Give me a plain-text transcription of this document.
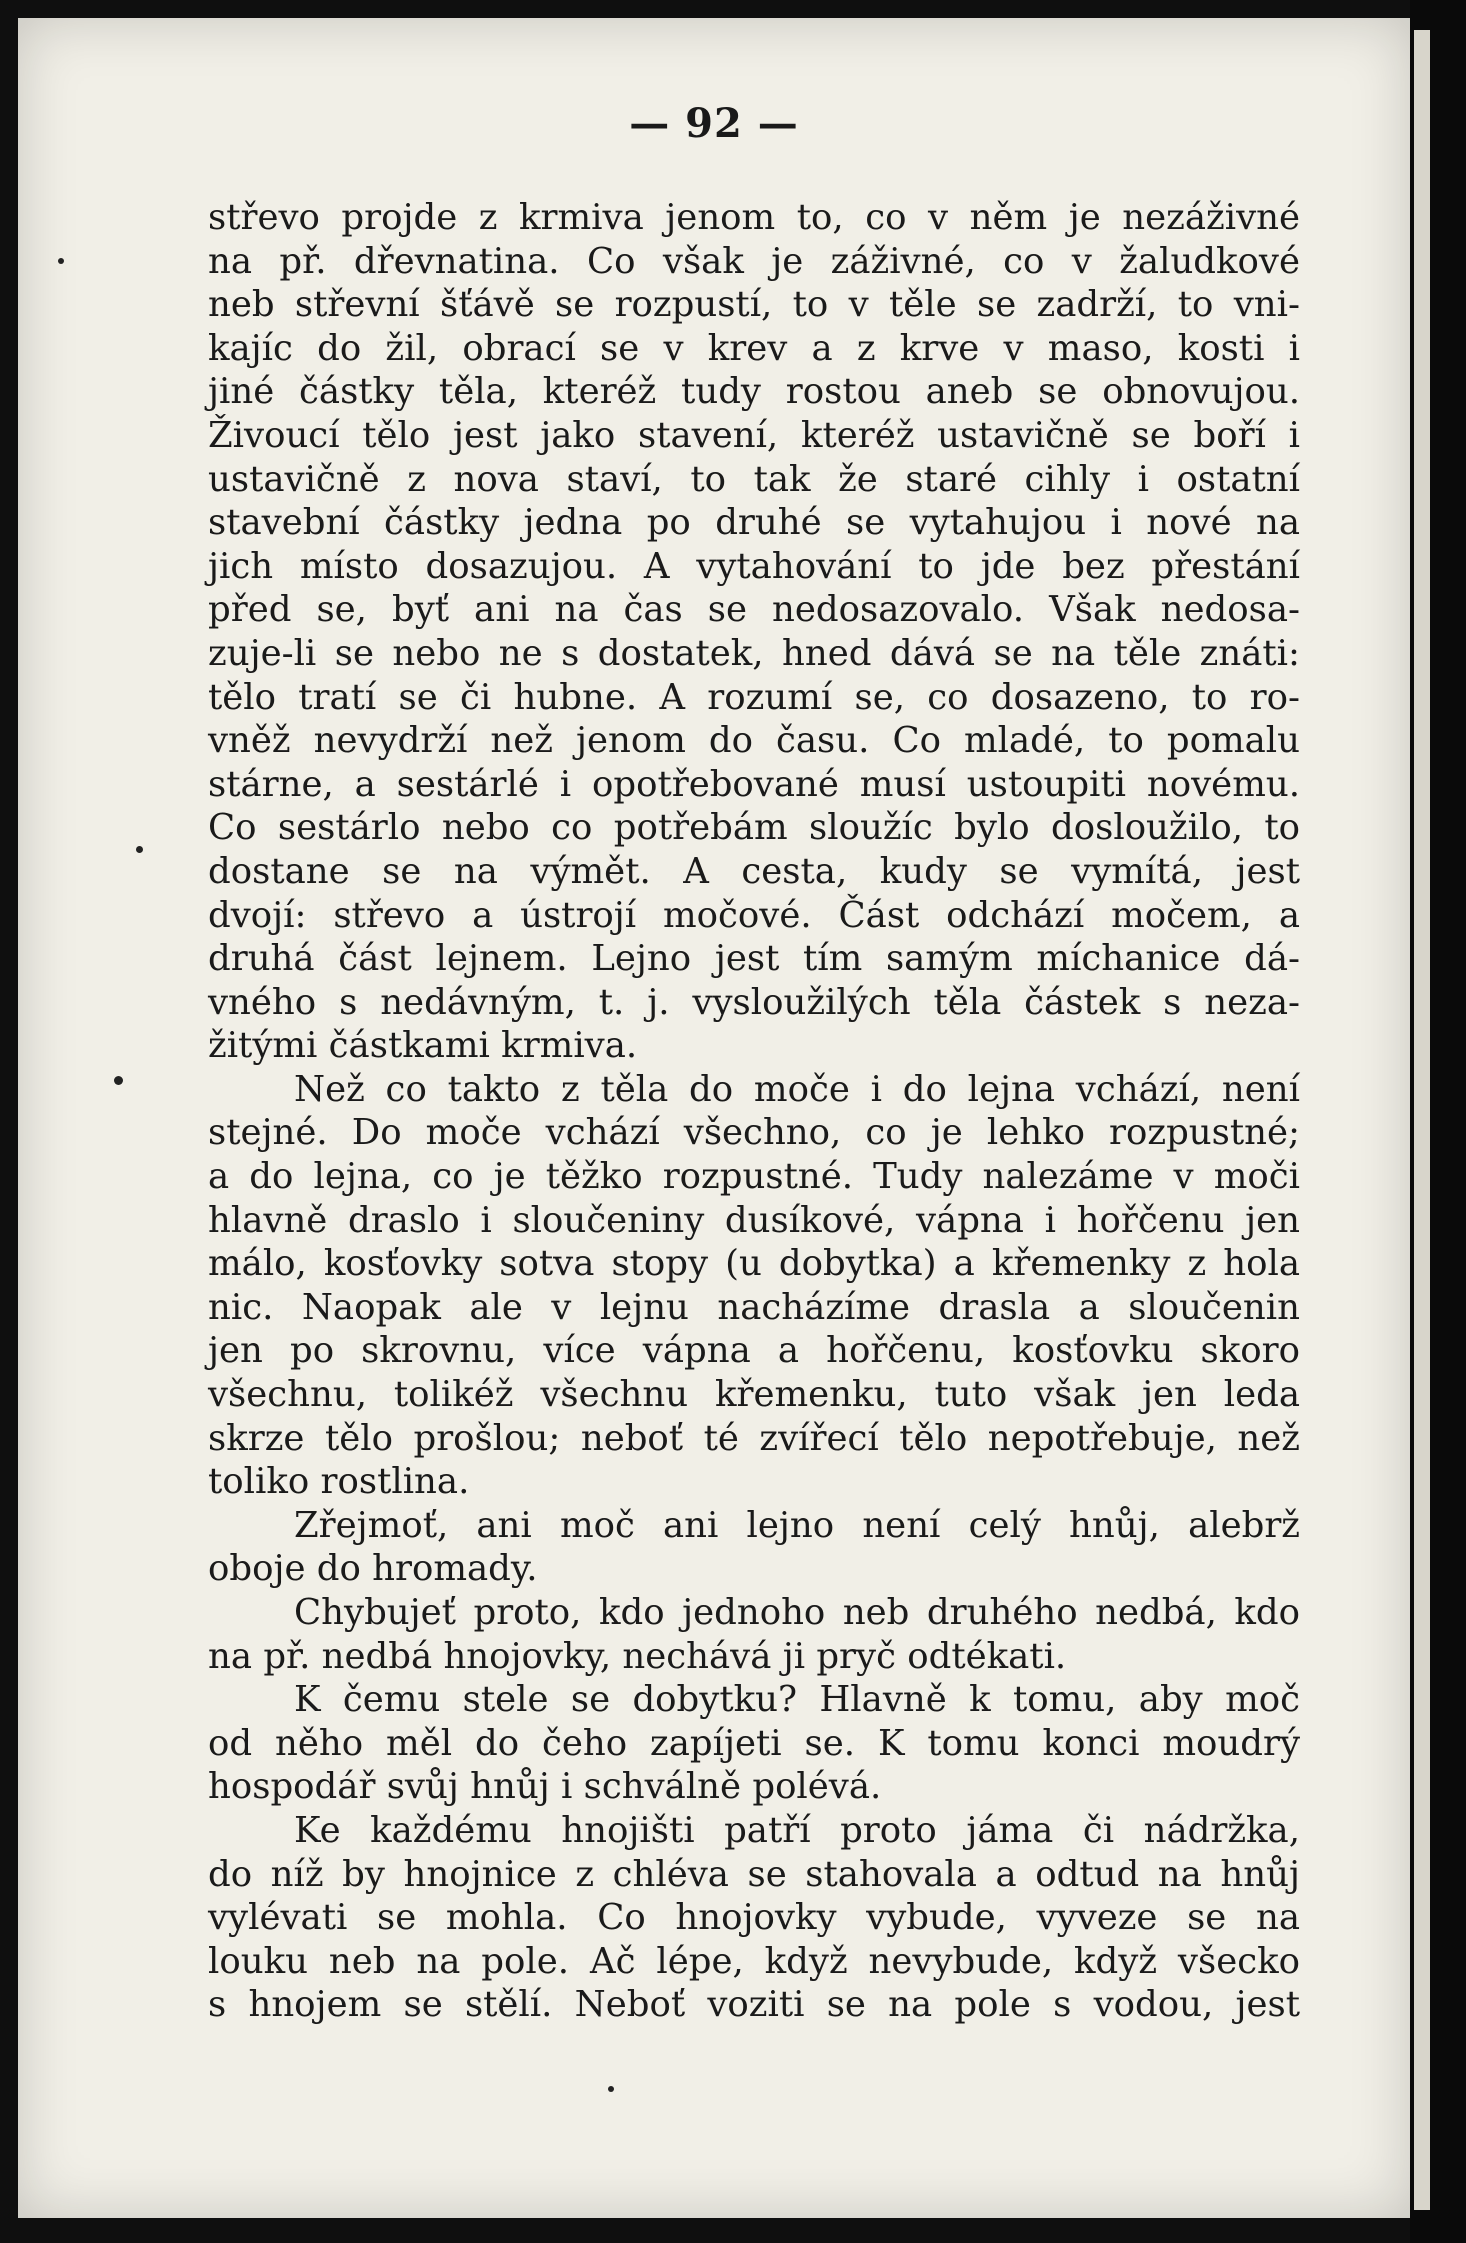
— 92 —
střevo projde z krmiva jenom to, co v něm je nezáživné
na př. dřevnatina. Co však je záživné, co v žaludkové
neb střevní šťávě se rozpustí, to v těle se zadrží, to vni-
kajíc do žil, obrací se v krev a z krve v maso, kosti i
jiné částky těla, kteréž tudy rostou aneb se obnovujou.
Živoucí tělo jest jako stavení, kteréž ustavičně se boří i
ustavičně z nova staví, to tak že staré cihly i ostatní
stavební částky jedna po druhé se vytahujou i nové na
jich místo dosazujou. A vytahování to jde bez přestání
před se, byť ani na čas se nedosazovalo. Však nedosa-
zuje-li se nebo ne s dostatek, hned dává se na těle znáti:
tělo tratí se či hubne. A rozumí se, co dosazeno, to ro-
vněž nevydrží než jenom do času. Co mladé, to pomalu
stárne, a sestárlé i opotřebované musí ustoupiti novému.
Co sestárlo nebo co potřebám sloužíc bylo dosloužilo, to
dostane se na výmět. A cesta, kudy se vymítá, jest
dvojí: střevo a ústrojí močové. Část odchází močem, a
druhá část lejnem. Lejno jest tím samým míchanice dá-
vného s nedávným, t. j. vysloužilých těla částek s neza-
žitými částkami krmiva.
Než co takto z těla do moče i do lejna vchází, není
stejné. Do moče vchází všechno, co je lehko rozpustné;
a do lejna, co je těžko rozpustné. Tudy nalezáme v moči
hlavně draslo i sloučeniny dusíkové, vápna i hořčenu jen
málo, kosťovky sotva stopy (u dobytka) a křemenky z hola
nic. Naopak ale v lejnu nacházíme drasla a sloučenin
jen po skrovnu, více vápna a hořčenu, kosťovku skoro
všechnu, tolikéž všechnu křemenku, tuto však jen leda
skrze tělo prošlou; neboť té zvířecí tělo nepotřebuje, než
toliko rostlina.
Zřejmoť, ani moč ani lejno není celý hnůj, alebrž
oboje do hromady.
Chybujeť proto, kdo jednoho neb druhého nedbá, kdo
na př. nedbá hnojovky, nechává ji pryč odtékati.
K čemu stele se dobytku? Hlavně k tomu, aby moč
od něho měl do čeho zapíjeti se. K tomu konci moudrý
hospodář svůj hnůj i schválně polévá.
Ke každému hnojišti patří proto jáma či nádržka,
do níž by hnojnice z chléva se stahovala a odtud na hnůj
vylévati se mohla. Co hnojovky vybude, vyveze se na
louku neb na pole. Ač lépe, když nevybude, když všecko
s hnojem se stělí. Neboť voziti se na pole s vodou, jest
